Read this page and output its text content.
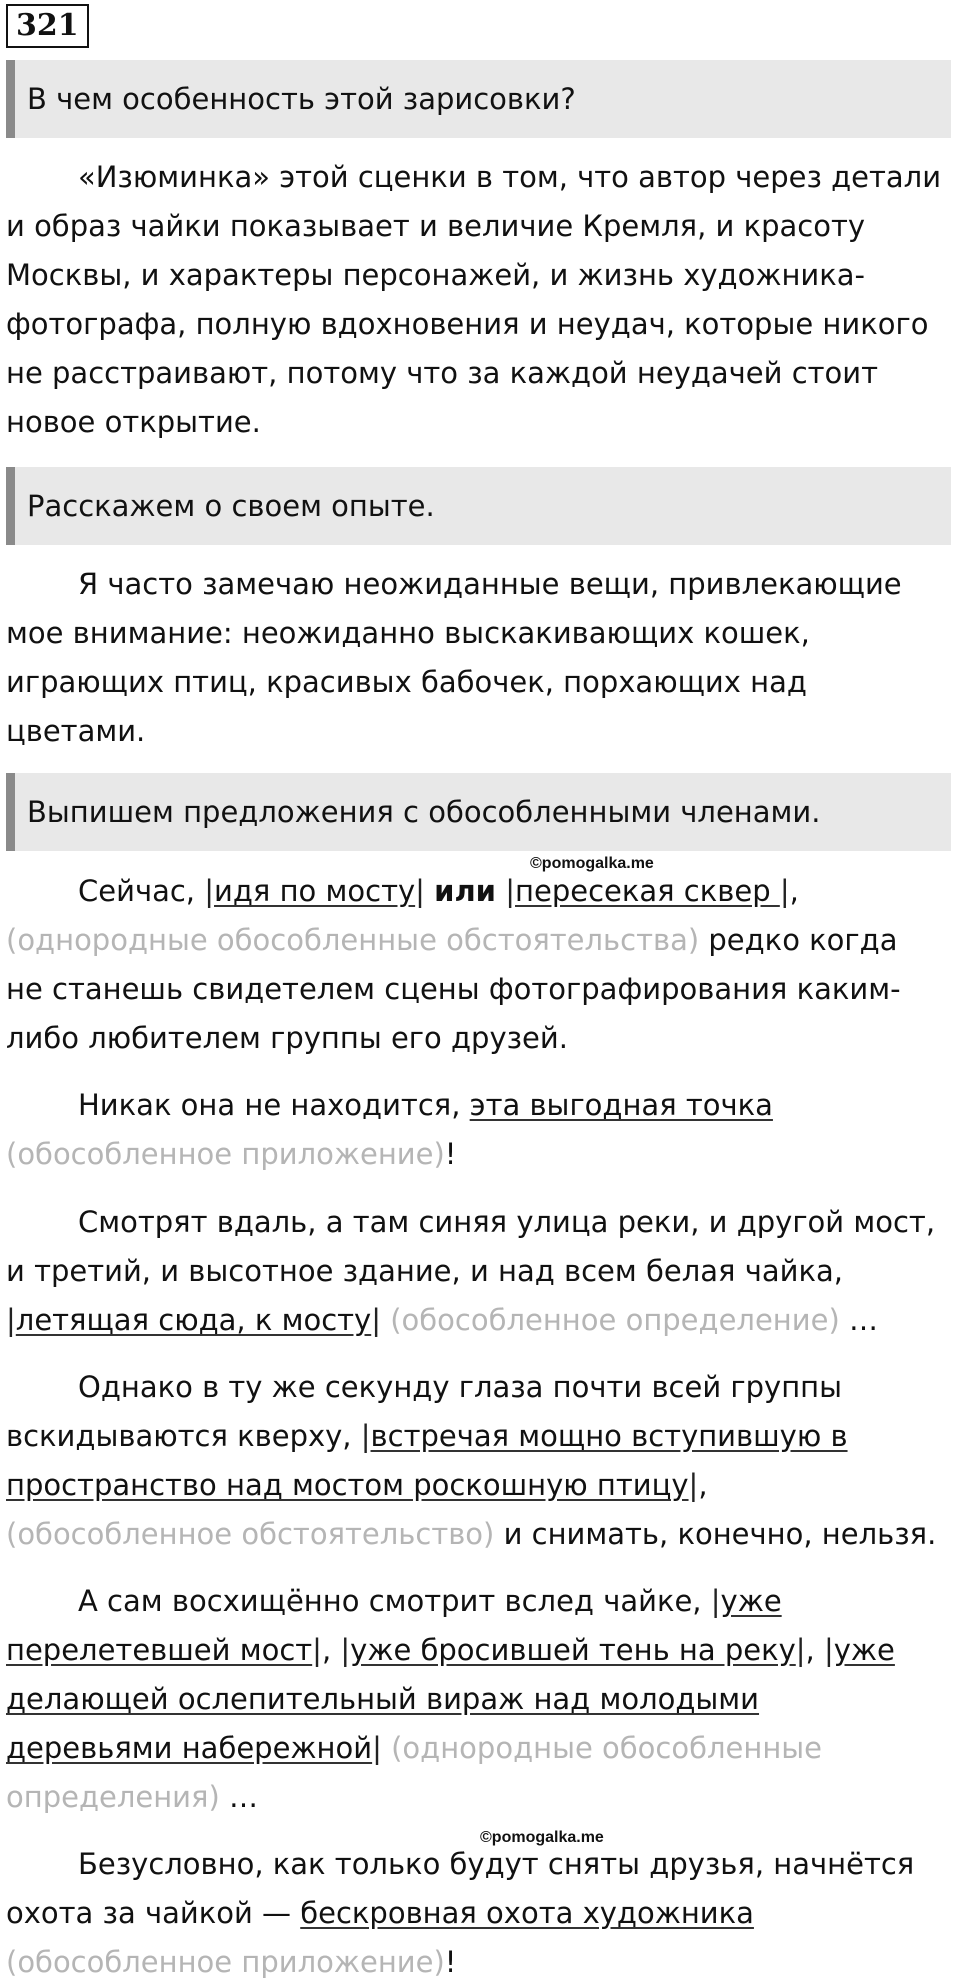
321
В чем особенность этой зарисовки?
«Изюминка» этой сценки в том, что автор через детали
и образ чайки показывает и величие Кремля, и красоту
Москвы, и характеры персонажей, и жизнь художника-
фотографа, полную вдохновения и неудач, которые никого
не расстраивают, потому что за каждой неудачей стоит
новое открытие.
Расскажем о своем опыте.
Я часто замечаю неожиданные вещи, привлекающие
мое внимание: неожиданно выскакивающих кошек,
играющих птиц, красивых бабочек, порхающих над
цветами.
Выпишем предложения с обособленными членами.
©pomogalka.me
Сейчас, |идя по мосту| или |пересекая сквер |,
(однородные обособленные обстоятельства) редко когда
не станешь свидетелем сцены фотографирования каким-
либо любителем группы его друзей.
Никак она не находится, эта выгодная точка
(обособленное приложение)!
Смотрят вдаль, а там синяя улица реки, и другой мост,
и третий, и высотное здание, и над всем белая чайка,
|летящая сюда, к мосту| (обособленное определение) …
Однако в ту же секунду глаза почти всей группы
вскидываются кверху, |встречая мощно вступившую в
пространство над мостом роскошную птицу|,
(обособленное обстоятельство) и снимать, конечно, нельзя.
А сам восхищённо смотрит вслед чайке, |уже
перелетевшей мост|, |уже бросившей тень на реку|, |уже
делающей ослепительный вираж над молодыми
деревьями набережной| (однородные обособленные
определения) …
©pomogalka.me
Безусловно, как только будут сняты друзья, начнётся
охота за чайкой — бескровная охота художника
(обособленное приложение)!
